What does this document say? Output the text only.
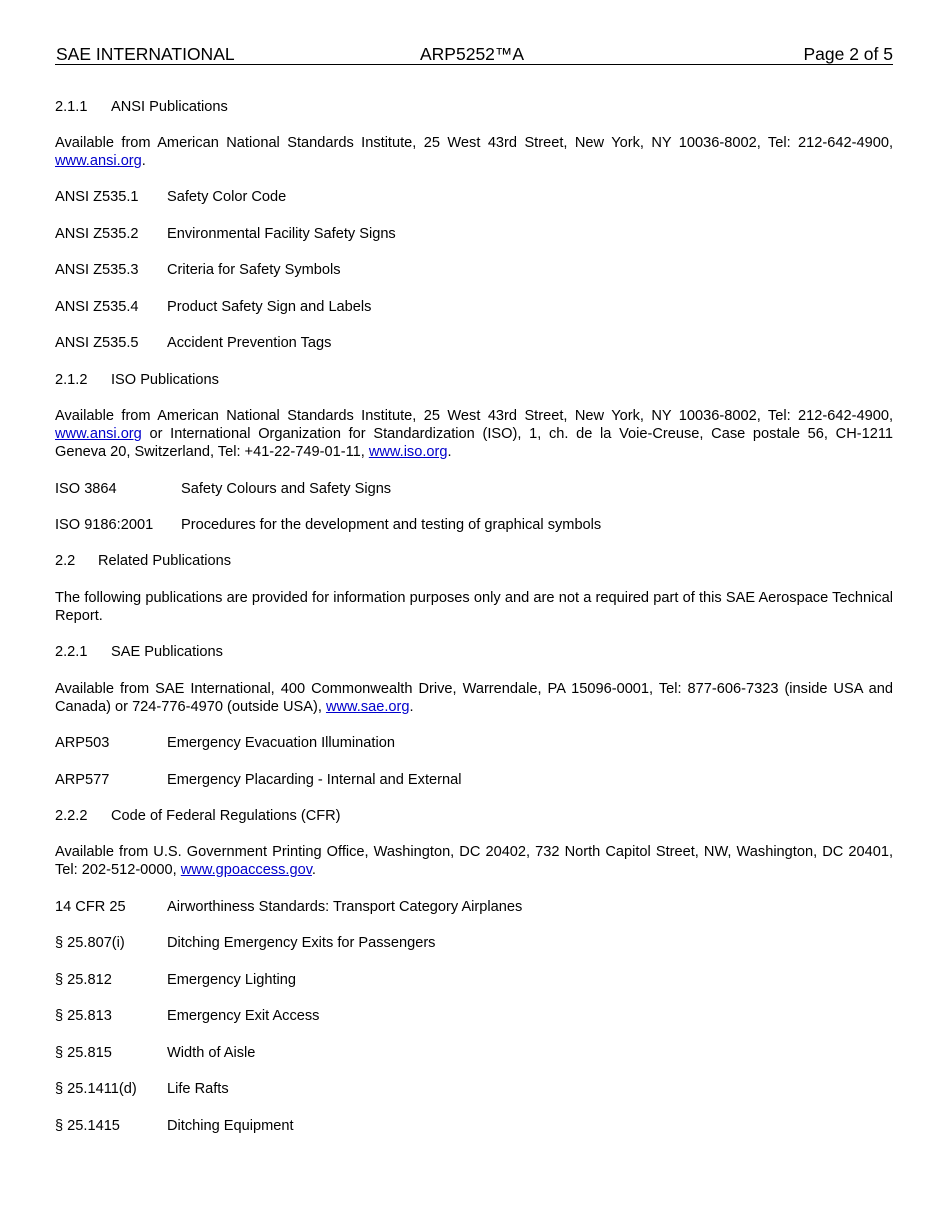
SAE INTERNATIONAL	ARP5252™A	Page 2 of 5
2.1.1 ANSI Publications
Available from American National Standards Institute, 25 West 43rd Street, New York, NY 10036-8002, Tel: 212-642-4900, www.ansi.org.
ANSI Z535.1 Safety Color Code
ANSI Z535.2 Environmental Facility Safety Signs
ANSI Z535.3 Criteria for Safety Symbols
ANSI Z535.4 Product Safety Sign and Labels
ANSI Z535.5 Accident Prevention Tags
2.1.2 ISO Publications
Available from American National Standards Institute, 25 West 43rd Street, New York, NY 10036-8002, Tel: 212-642-4900, www.ansi.org or International Organization for Standardization (ISO), 1, ch. de la Voie-Creuse, Case postale 56, CH-1211 Geneva 20, Switzerland, Tel: +41-22-749-01-11, www.iso.org.
ISO 3864	Safety Colours and Safety Signs
ISO 9186:2001 Procedures for the development and testing of graphical symbols
2.2 Related Publications
The following publications are provided for information purposes only and are not a required part of this SAE Aerospace Technical Report.
2.2.1 SAE Publications
Available from SAE International, 400 Commonwealth Drive, Warrendale, PA 15096-0001, Tel: 877-606-7323 (inside USA and Canada) or 724-776-4970 (outside USA), www.sae.org.
ARP503	Emergency Evacuation Illumination
ARP577	Emergency Placarding - Internal and External
2.2.2 Code of Federal Regulations (CFR)
Available from U.S. Government Printing Office, Washington, DC 20402, 732 North Capitol Street, NW, Washington, DC 20401, Tel: 202-512-0000, www.gpoaccess.gov.
14 CFR 25	Airworthiness Standards: Transport Category Airplanes
§ 25.807(i)	Ditching Emergency Exits for Passengers
§ 25.812	Emergency Lighting
§ 25.813	Emergency Exit Access
§ 25.815	Width of Aisle
§ 25.1411(d) Life Rafts
§ 25.1415	Ditching Equipment
